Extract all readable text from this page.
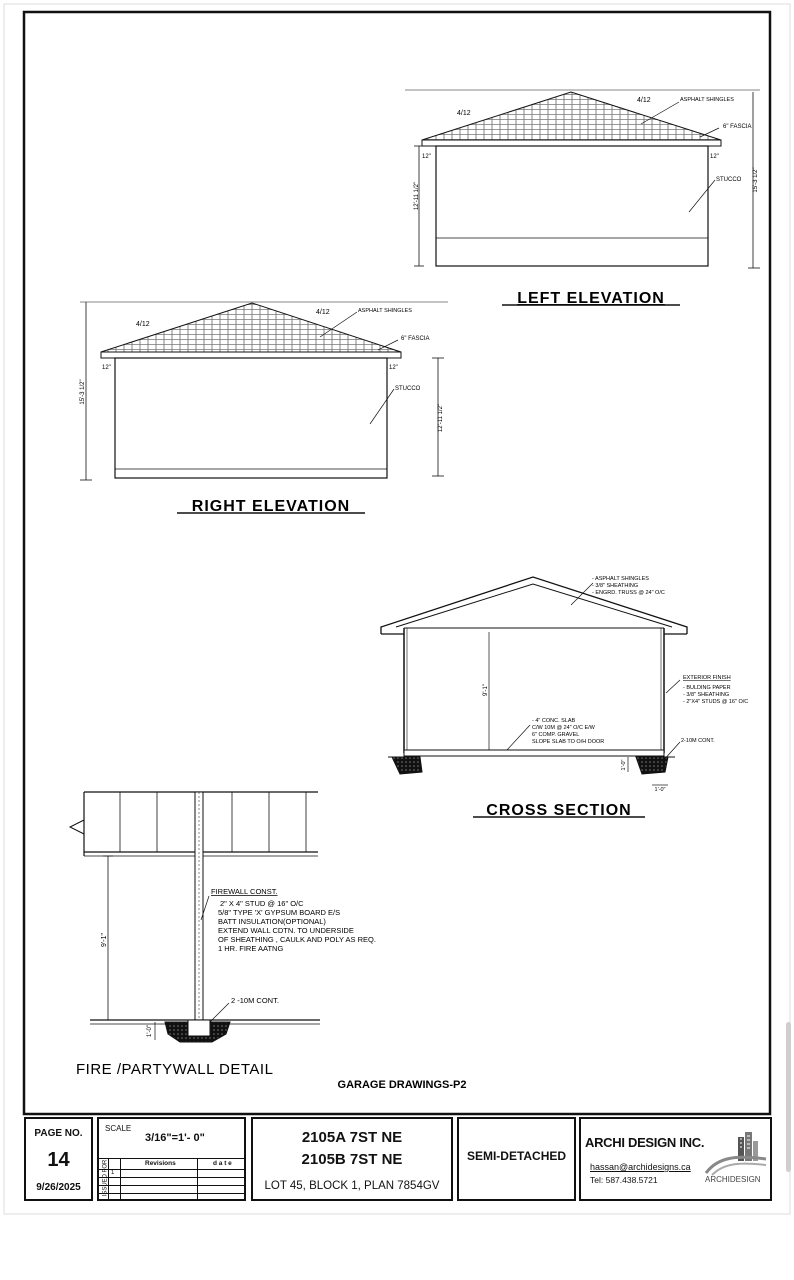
4/12
4/12	ASPHALT SHINGLES
6" FASCIA
STUCCO
12"	12"
12'-11 1/2"
15'-3 1/2"
LEFT ELEVATION
4/12
4/12	ASPHALT SHINGLES
6" FASCIA
STUCCO
12"	12"
15'-3 1/2"
12'-11 1/2"
RIGHT ELEVATION
- ASPHALT SHINGLES
- 3/8" SHEATHING
- ENGRD. TRUSS @ 24" O/C
EXTERIOR FINISH
- BULDING PAPER
- 3/8" SHEATHING
- 2"X4" STUDS @ 16" O/C
- 4" CONC. SLAB
C/W 10M @ 24" O/C E/W
6" COMP. GRAVEL
SLOPE SLAB TO O/H DOOR	2-10M CONT.
9'-1"
1'-0"
1'-0"
CROSS SECTION
FIREWALL CONST.
2" X 4" STUD @ 16" O/C
5/8" TYPE 'X' GYPSUM BOARD E/S
BATT INSULATION(OPTIONAL)
EXTEND WALL CDTN. TO UNDERSIDE
OF SHEATHING , CAULK AND POLY AS REQ.
1 HR. FIRE AATNG
2 -10M CONT.
9'-1"
1'-0"
FIRE /PARTYWALL DETAIL
GARAGE DRAWINGS-P2
PAGE NO.
14
9/26/2025
SCALE
3/16"=1'- 0"
ISSUED FOR	Revisions	d a t e
1
2105A 7ST NE
2105B 7ST NE
LOT 45, BLOCK 1, PLAN 7854GV
SEMI-DETACHED
ARCHI DESIGN INC.
hassan@archidesigns.ca
Tel: 587.438.5721	ARCHIDESIGN
